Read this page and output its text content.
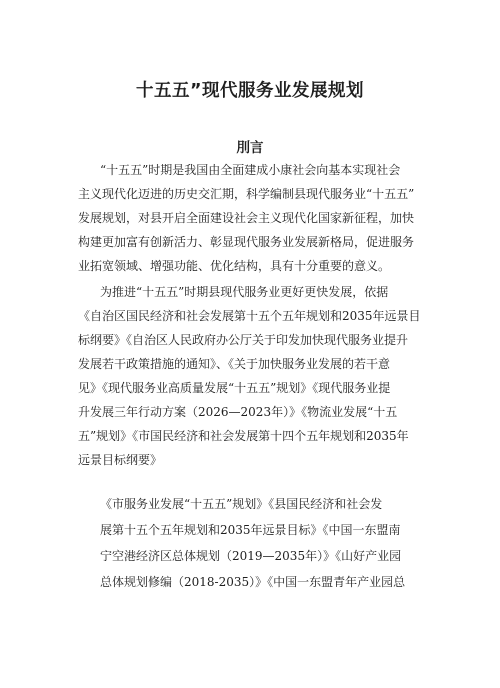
十五五”现代服务业发展规划
刖言
“十五五”时期是我国由全面建成小康社会向基本实现社会
主义现代化迈进的历史交汇期，科学编制县现代服务业“十五五”
发展规划，对县开启全面建设社会主义现代化国家新征程，加快
构建更加富有创新活力、彰显现代服务业发展新格局，促进服务
业拓宽领域、增强功能、优化结构，具有十分重要的意义。
为推进“十五五”时期县现代服务业更好更快发展，依据
《自治区国民经济和社会发展第十五个五年规划和2035年远景目
标纲要》《自治区人民政府办公厅关于印发加快现代服务业提升
发展若干政策措施的通知》、《关于加快服务业发展的若干意
见》《现代服务业高质量发展“十五五”规划》《现代服务业提
升发展三年行动方案（2026—2023年）》《物流业发展“十五
五”规划》《市国民经济和社会发展第十四个五年规划和2035年
远景目标纲要》
《市服务业发展“十五五”规划》《县国民经济和社会发
展第十五个五年规划和2035年远景目标》《中国一东盟南
宁空港经济区总体规划（2019—2035年）》《山好产业园
总体规划修编（2018-2035）》《中国一东盟青年产业园总
